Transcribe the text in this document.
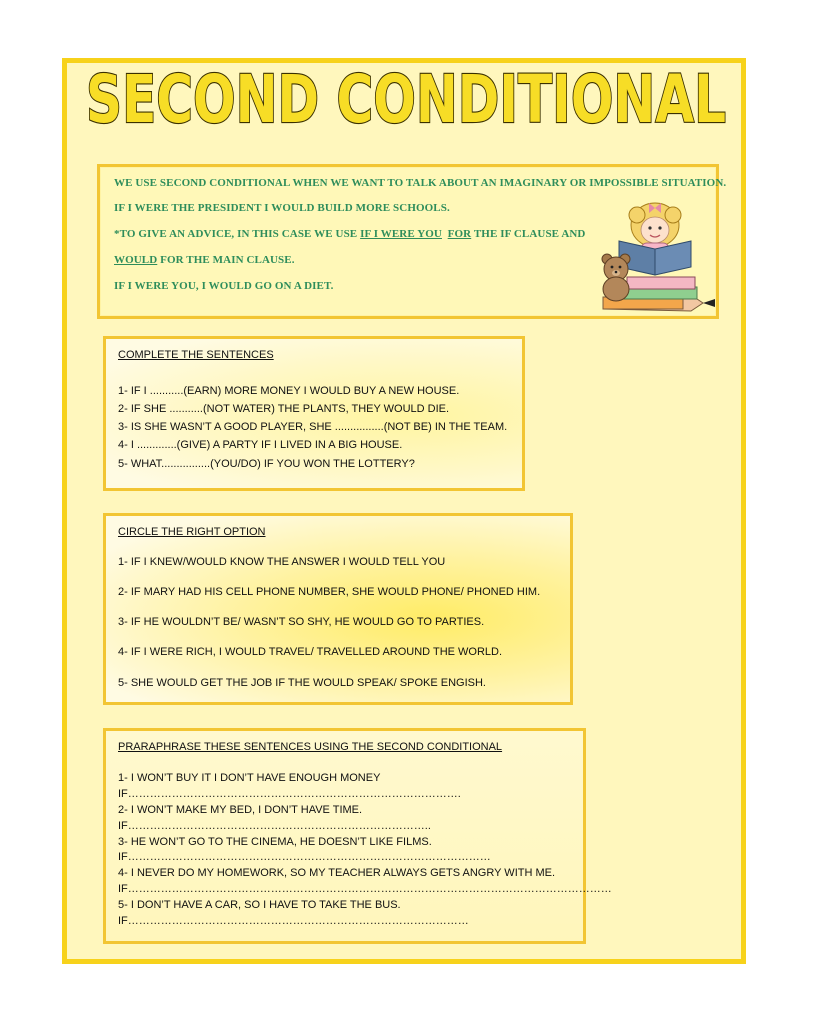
SECOND CONDITIONAL

WE USE SECOND CONDITIONAL WHEN WE WANT TO TALK ABOUT AN IMAGINARY OR IMPOSSIBLE SITUATION.

IF I WERE THE PRESIDENT I WOULD BUILD MORE SCHOOLS.

*TO GIVE AN ADVICE, IN THIS CASE WE USE IF I WERE YOU FOR THE IF CLAUSE AND

WOULD FOR THE MAIN CLAUSE.

IF I WERE YOU, I WOULD GO ON A DIET.

COMPLETE THE SENTENCES

1- IF I ...........(EARN) MORE MONEY I WOULD BUY A NEW HOUSE.

2- IF SHE ...........(NOT WATER) THE PLANTS, THEY WOULD DIE.

3- IS SHE WASN’T A GOOD PLAYER, SHE ................(NOT BE) IN THE TEAM.

4- I .............(GIVE) A PARTY IF I LIVED IN A BIG HOUSE.

5- WHAT................(YOU/DO) IF YOU WON THE LOTTERY?

CIRCLE THE RIGHT OPTION

1- IF I KNEW/WOULD KNOW THE ANSWER I WOULD TELL YOU

2- IF MARY HAD HIS CELL PHONE NUMBER, SHE WOULD PHONE/ PHONED HIM.

3- IF HE WOULDN’T BE/ WASN’T SO SHY, HE WOULD GO TO PARTIES.

4- IF I WERE RICH, I WOULD TRAVEL/ TRAVELLED AROUND THE WORLD.

5- SHE WOULD GET THE JOB IF THE WOULD SPEAK/ SPOKE ENGISH.

PRARAPHRASE THESE SENTENCES USING THE SECOND CONDITIONAL

1- I WON’T BUY IT I DON’T HAVE ENOUGH MONEY

IF……………………………………………………………………………….

2- I WON’T MAKE MY BED, I DON’T HAVE TIME.

IF………………………………………………………………………..

3- HE WON’T GO TO THE CINEMA, HE DOESN’T LIKE FILMS.

IF………………………………………………………………………………………

4- I NEVER DO MY HOMEWORK, SO MY TEACHER ALWAYS GETS ANGRY WITH ME.

IF……………………………………………………………………………………………………………………

5- I DON’T HAVE A CAR, SO I HAVE TO TAKE THE BUS.

IF…………………………………………………………………………………
